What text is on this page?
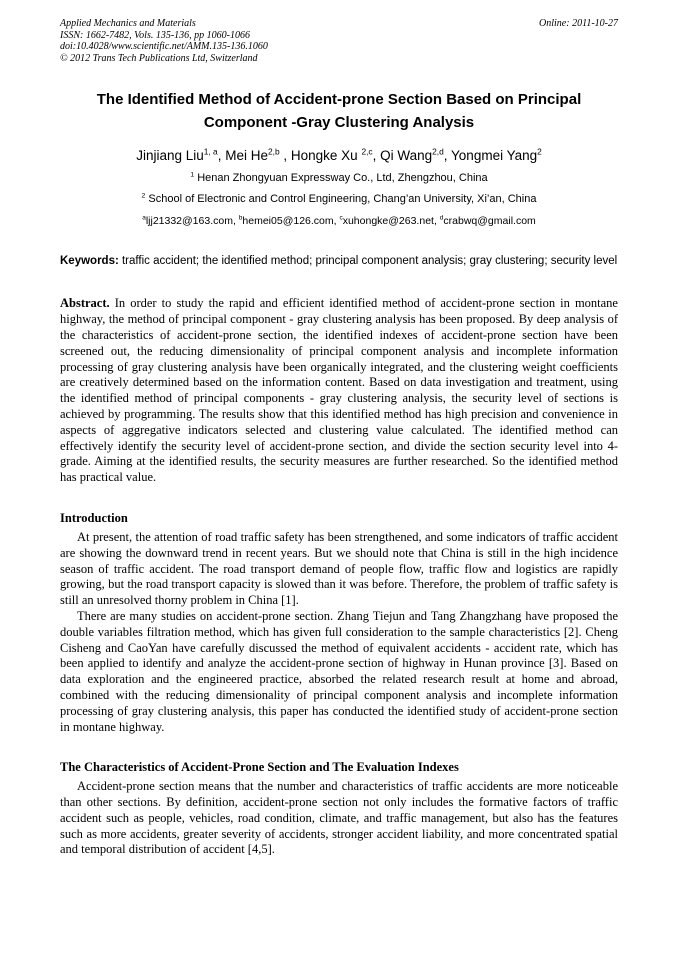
Applied Mechanics and Materials
ISSN: 1662-7482, Vols. 135-136, pp 1060-1066
doi:10.4028/www.scientific.net/AMM.135-136.1060
© 2012 Trans Tech Publications Ltd, Switzerland
Online: 2011-10-27
The Identified Method of Accident-prone Section Based on Principal Component -Gray Clustering Analysis

Jinjiang Liu$^{1, a}$, Mei He$^{2,b}$ , Hongke Xu $^{2,c}$, Qi Wang$^{2,d}$, Yongmei Yang$^2$

$^1$ Henan Zhongyuan Expressway Co., Ltd, Zhengzhou, China

$^2$ School of Electronic and Control Engineering, Chang’an University, Xi’an, China

$^a$ljj21332@163.com, $^b$hemei05@126.com, $^c$xuhongke@263.net, $^d$crabwq@gmail.com

Keywords: traffic accident; the identified method; principal component analysis; gray clustering; security level

Abstract. In order to study the rapid and efficient identified method of accident-prone section in montane highway, the method of principal component - gray clustering analysis has been proposed. By deep analysis of the characteristics of accident-prone section, the identified indexes of accident-prone section have been screened out, the reducing dimensionality of principal component analysis and incomplete information processing of gray clustering analysis have been organically integrated, and the clustering weight coefficients are creatively determined based on the information content. Based on data investigation and treatment, using the identified method of principal components - gray clustering analysis, the security level of sections is achieved by programming. The results show that this identified method has high precision and convenience in aspects of aggregative indicators selected and clustering value calculated. The identified method can effectively identify the security level of accident-prone section, and divide the section security level into 4-grade. Aiming at the identified results, the security measures are further researched. So the identified method has practical value.

Introduction

At present, the attention of road traffic safety has been strengthened, and some indicators of traffic accident are showing the downward trend in recent years. But we should note that China is still in the high incidence season of traffic accident. The road transport demand of people flow, traffic flow and logistics are rapidly growing, but the road transport capacity is slowed than it was before. Therefore, the problem of traffic safety is still an unresolved thorny problem in China [1].

There are many studies on accident-prone section. Zhang Tiejun and Tang Zhangzhang have proposed the double variables filtration method, which has given full consideration to the sample characteristics [2]. Cheng Cisheng and CaoYan have carefully discussed the method of equivalent accidents - accident rate, which has been applied to identify and analyze the accident-prone section of highway in Hunan province [3]. Based on data exploration and the engineered practice, absorbed the related research result at home and abroad, combined with the reducing dimensionality of principal component analysis and incomplete information processing of gray clustering analysis, this paper has conducted the identified study of accident-prone section in montane highway.

The Characteristics of Accident-Prone Section and The Evaluation Indexes

Accident-prone section means that the number and characteristics of traffic accidents are more noticeable than other sections. By definition, accident-prone section not only includes the formative factors of traffic accident such as people, vehicles, road condition, climate, and traffic management, but also has the features such as more accidents, greater severity of accidents, stronger accident liability, and more concentrated spatial and temporal distribution of accident [4,5].
